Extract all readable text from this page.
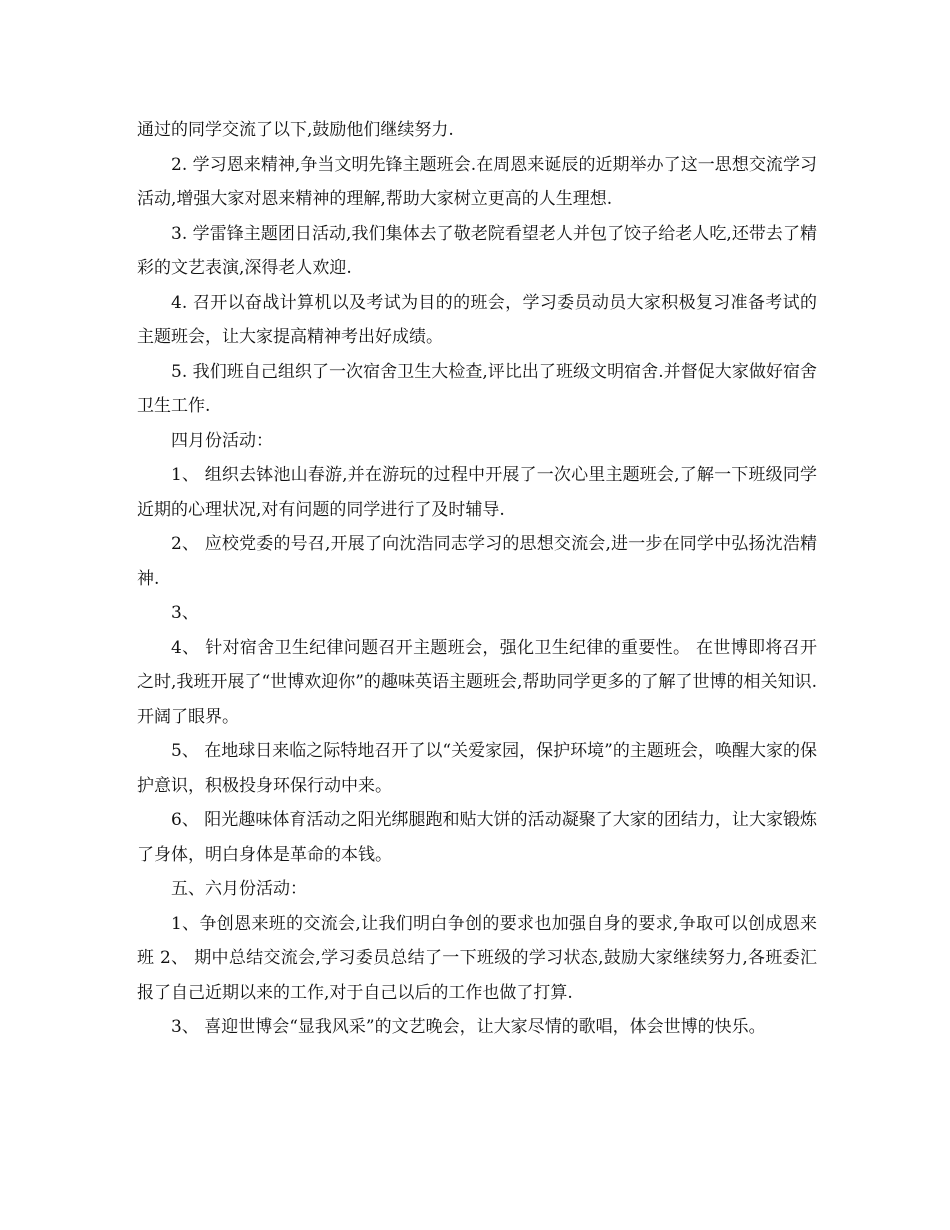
通过的同学交流了以下,鼓励他们继续努力.

2. 学习恩来精神,争当文明先锋主题班会.在周恩来诞辰的近期举办了这一思想交流学习活动,增强大家对恩来精神的理解,帮助大家树立更高的人生理想.

3. 学雷锋主题团日活动,我们集体去了敬老院看望老人并包了饺子给老人吃,还带去了精彩的文艺表演,深得老人欢迎.

4. 召开以奋战计算机以及考试为目的的班会，学习委员动员大家积极复习准备考试的主题班会，让大家提高精神考出好成绩。

5. 我们班自己组织了一次宿舍卫生大检查,评比出了班级文明宿舍.并督促大家做好宿舍卫生工作.

四月份活动：

1、 组织去钵池山春游,并在游玩的过程中开展了一次心里主题班会,了解一下班级同学近期的心理状况,对有问题的同学进行了及时辅导.

2、 应校党委的号召,开展了向沈浩同志学习的思想交流会,进一步在同学中弘扬沈浩精神.

3、

4、 针对宿舍卫生纪律问题召开主题班会，强化卫生纪律的重要性。 在世博即将召开之时,我班开展了“世博欢迎你”的趣味英语主题班会,帮助同学更多的了解了世博的相关知识.开阔了眼界。

5、 在地球日来临之际特地召开了以“关爱家园，保护环境”的主题班会，唤醒大家的保护意识，积极投身环保行动中来。

6、 阳光趣味体育活动之阳光绑腿跑和贴大饼的活动凝聚了大家的团结力，让大家锻炼了身体，明白身体是革命的本钱。

五、六月份活动：

1、争创恩来班的交流会,让我们明白争创的要求也加强自身的要求,争取可以创成恩来班 2、 期中总结交流会,学习委员总结了一下班级的学习状态,鼓励大家继续努力,各班委汇报了自己近期以来的工作,对于自己以后的工作也做了打算.

3、 喜迎世博会“显我风采”的文艺晚会，让大家尽情的歌唱，体会世博的快乐。
